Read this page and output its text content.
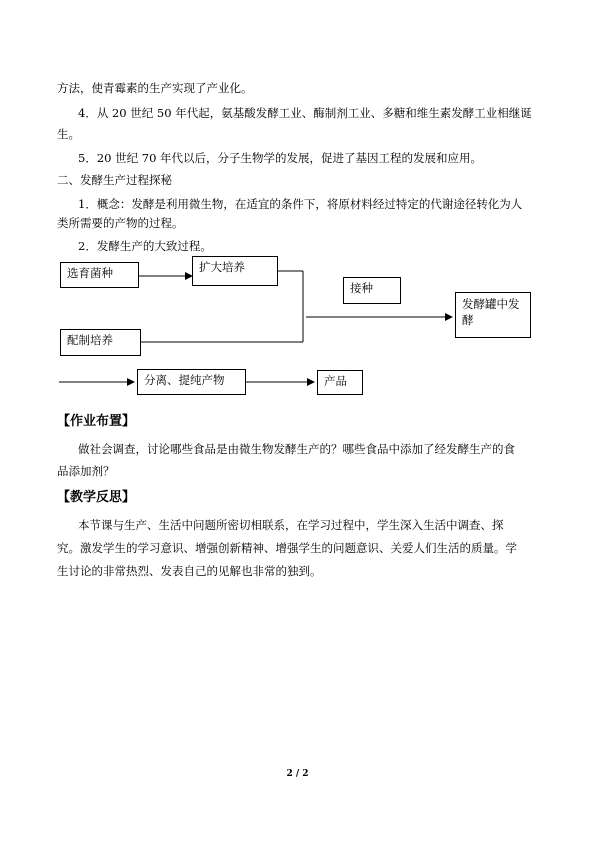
方法，使青霉素的生产实现了产业化。
4．从 20 世纪 50 年代起，氨基酸发酵工业、酶制剂工业、多糖和维生素发酵工业相继诞
生。
5．20 世纪 70 年代以后，分子生物学的发展，促进了基因工程的发展和应用。
二、发酵生产过程探秘
1．概念：发酵是利用微生物，在适宜的条件下，将原材料经过特定的代谢途径转化为人
类所需要的产物的过程。
2．发酵生产的大致过程。
选育菌种	扩大培养
接种
发酵罐中发酵
配制培养
分离、提纯产物	产品
【作业布置】
做社会调查，讨论哪些食品是由微生物发酵生产的？哪些食品中添加了经发酵生产的食
品添加剂？
【教学反思】
本节课与生产、生活中问题所密切相联系，在学习过程中，学生深入生活中调查、探
究。激发学生的学习意识、增强创新精神、增强学生的问题意识、关爱人们生活的质量。学
生讨论的非常热烈、发表自己的见解也非常的独到。
2 / 2
